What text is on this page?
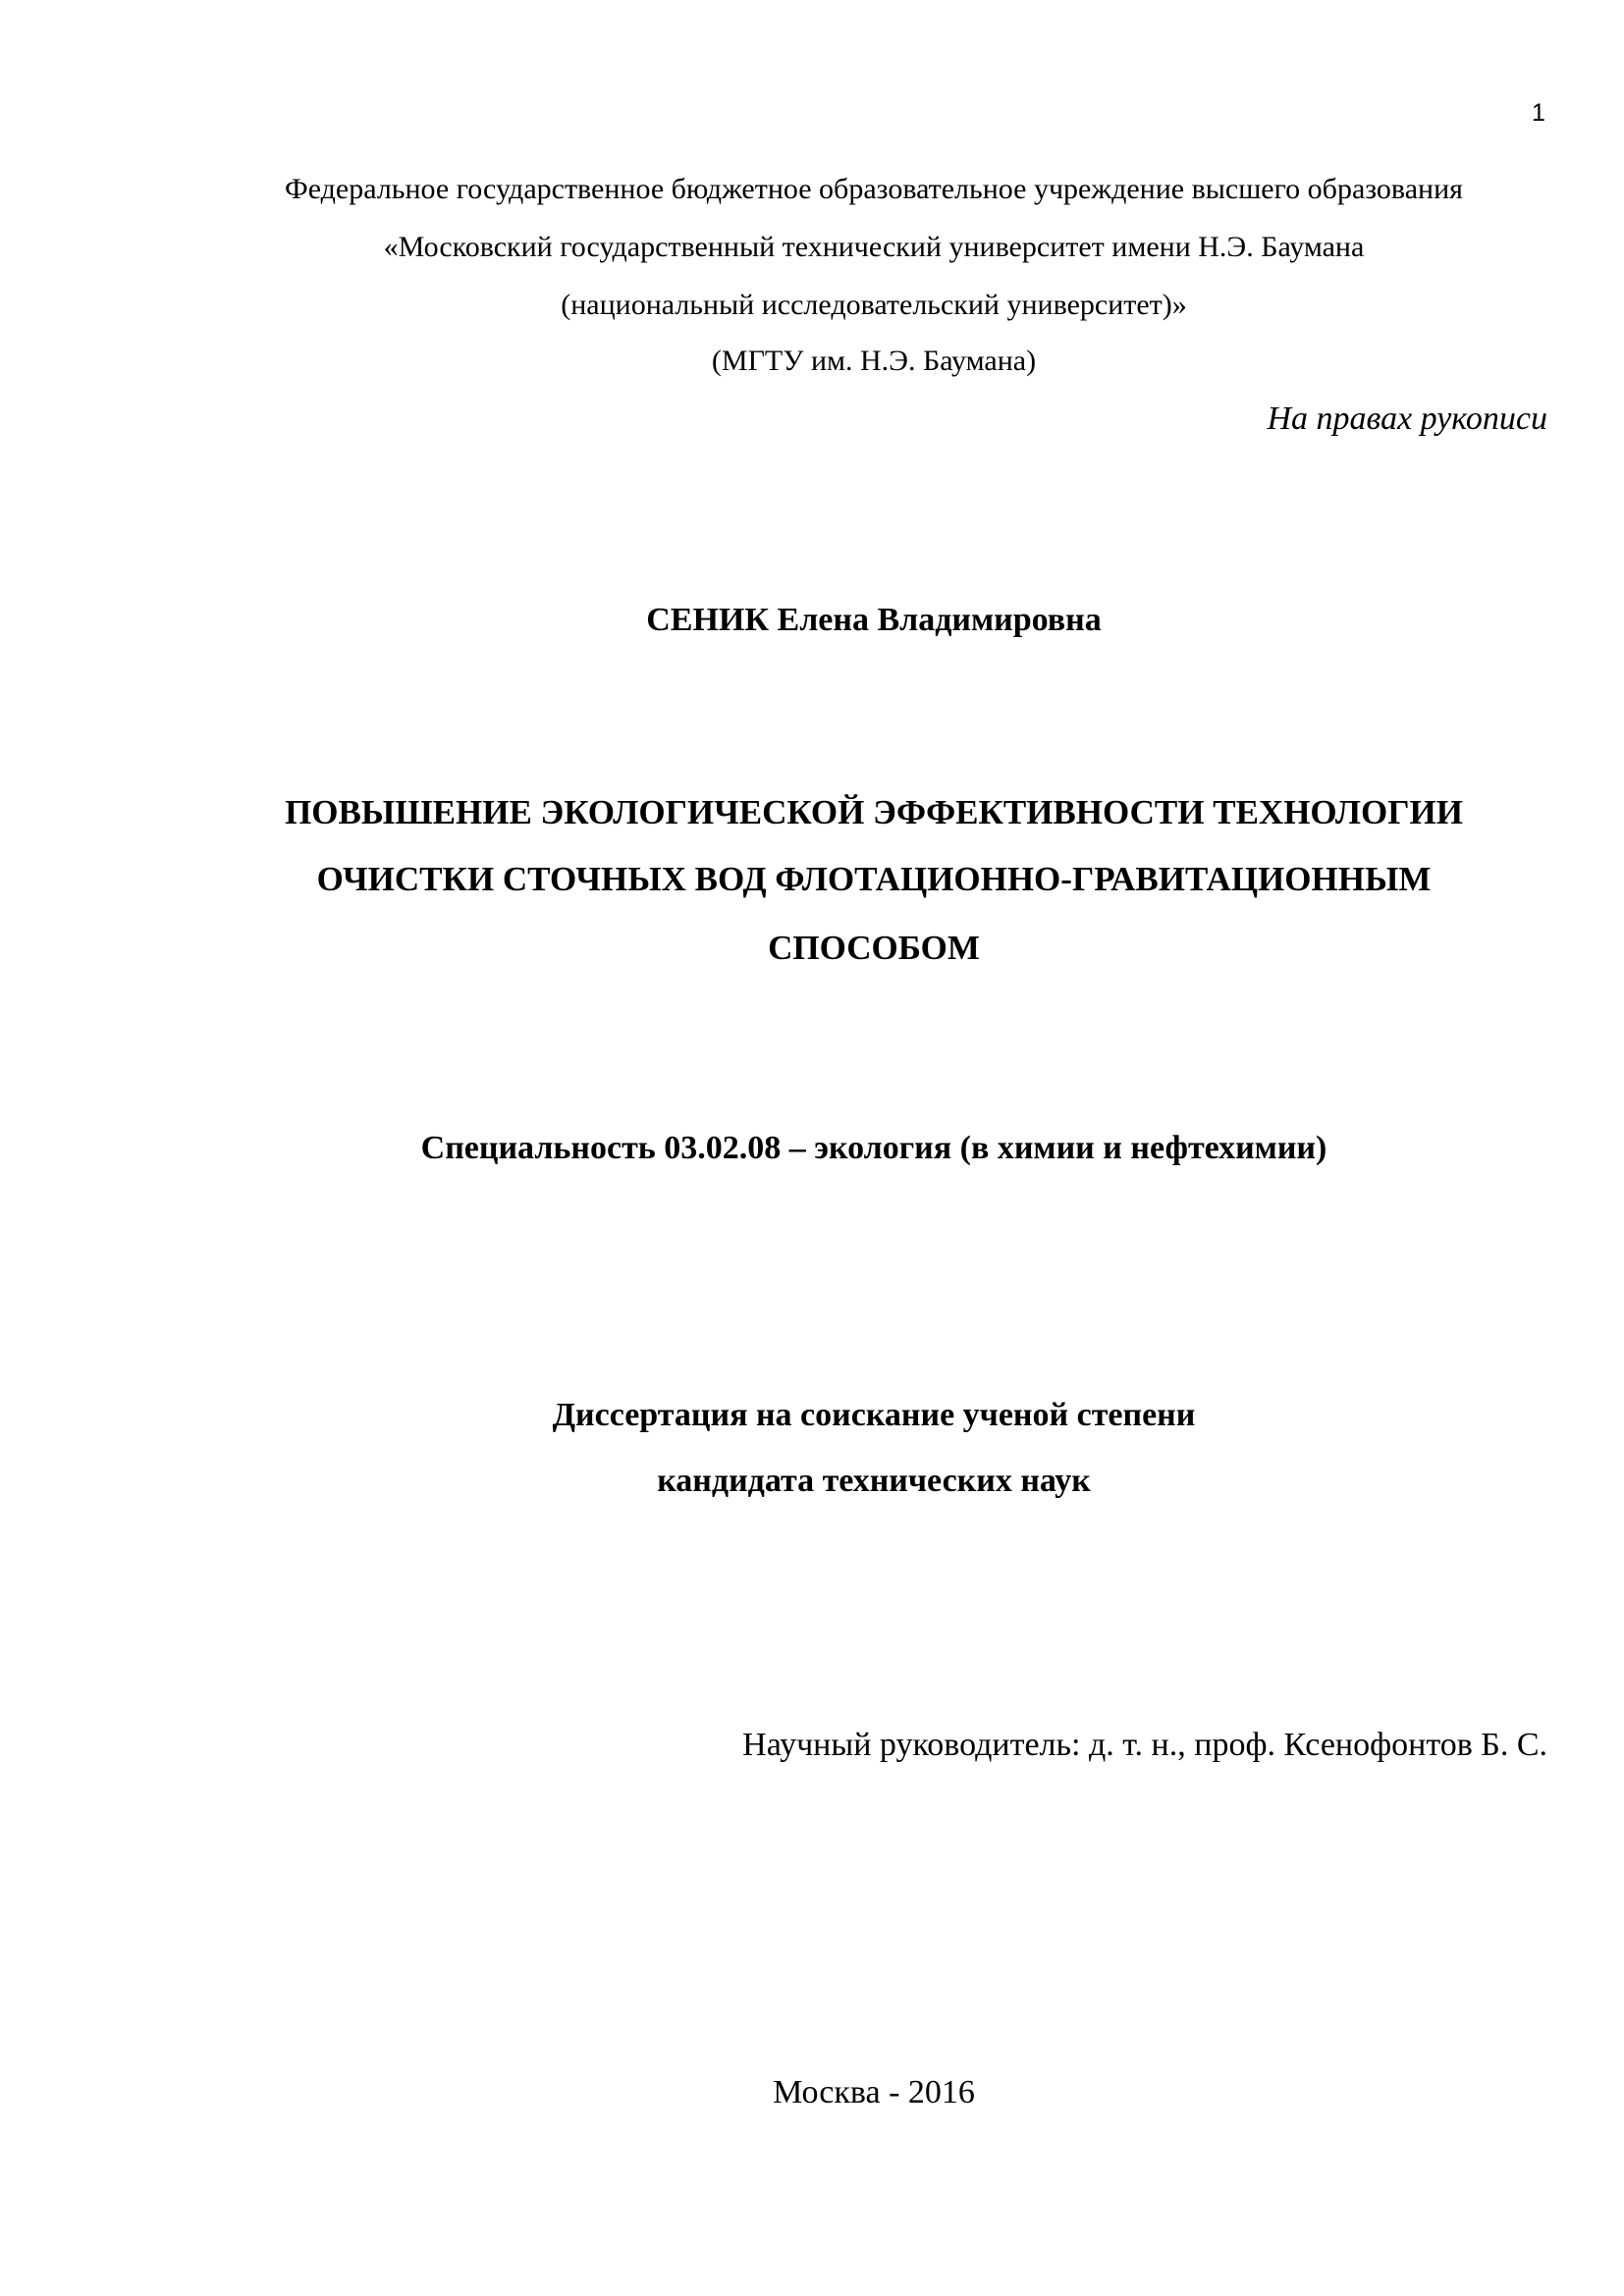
1
Федеральное государственное бюджетное образовательное учреждение высшего образования
«Московский государственный технический университет имени Н.Э. Баумана
(национальный исследовательский университет)»
(МГТУ им. Н.Э. Баумана)
На правах рукописи
СЕНИК Елена Владимировна
ПОВЫШЕНИЕ ЭКОЛОГИЧЕСКОЙ ЭФФЕКТИВНОСТИ ТЕХНОЛОГИИ
ОЧИСТКИ СТОЧНЫХ ВОД ФЛОТАЦИОННО-ГРАВИТАЦИОННЫМ
СПОСОБОМ
Специальность 03.02.08 – экология (в химии и нефтехимии)
Диссертация на соискание ученой степени
кандидата технических наук
Научный руководитель: д. т. н., проф. Ксенофонтов Б. С.
Москва - 2016
